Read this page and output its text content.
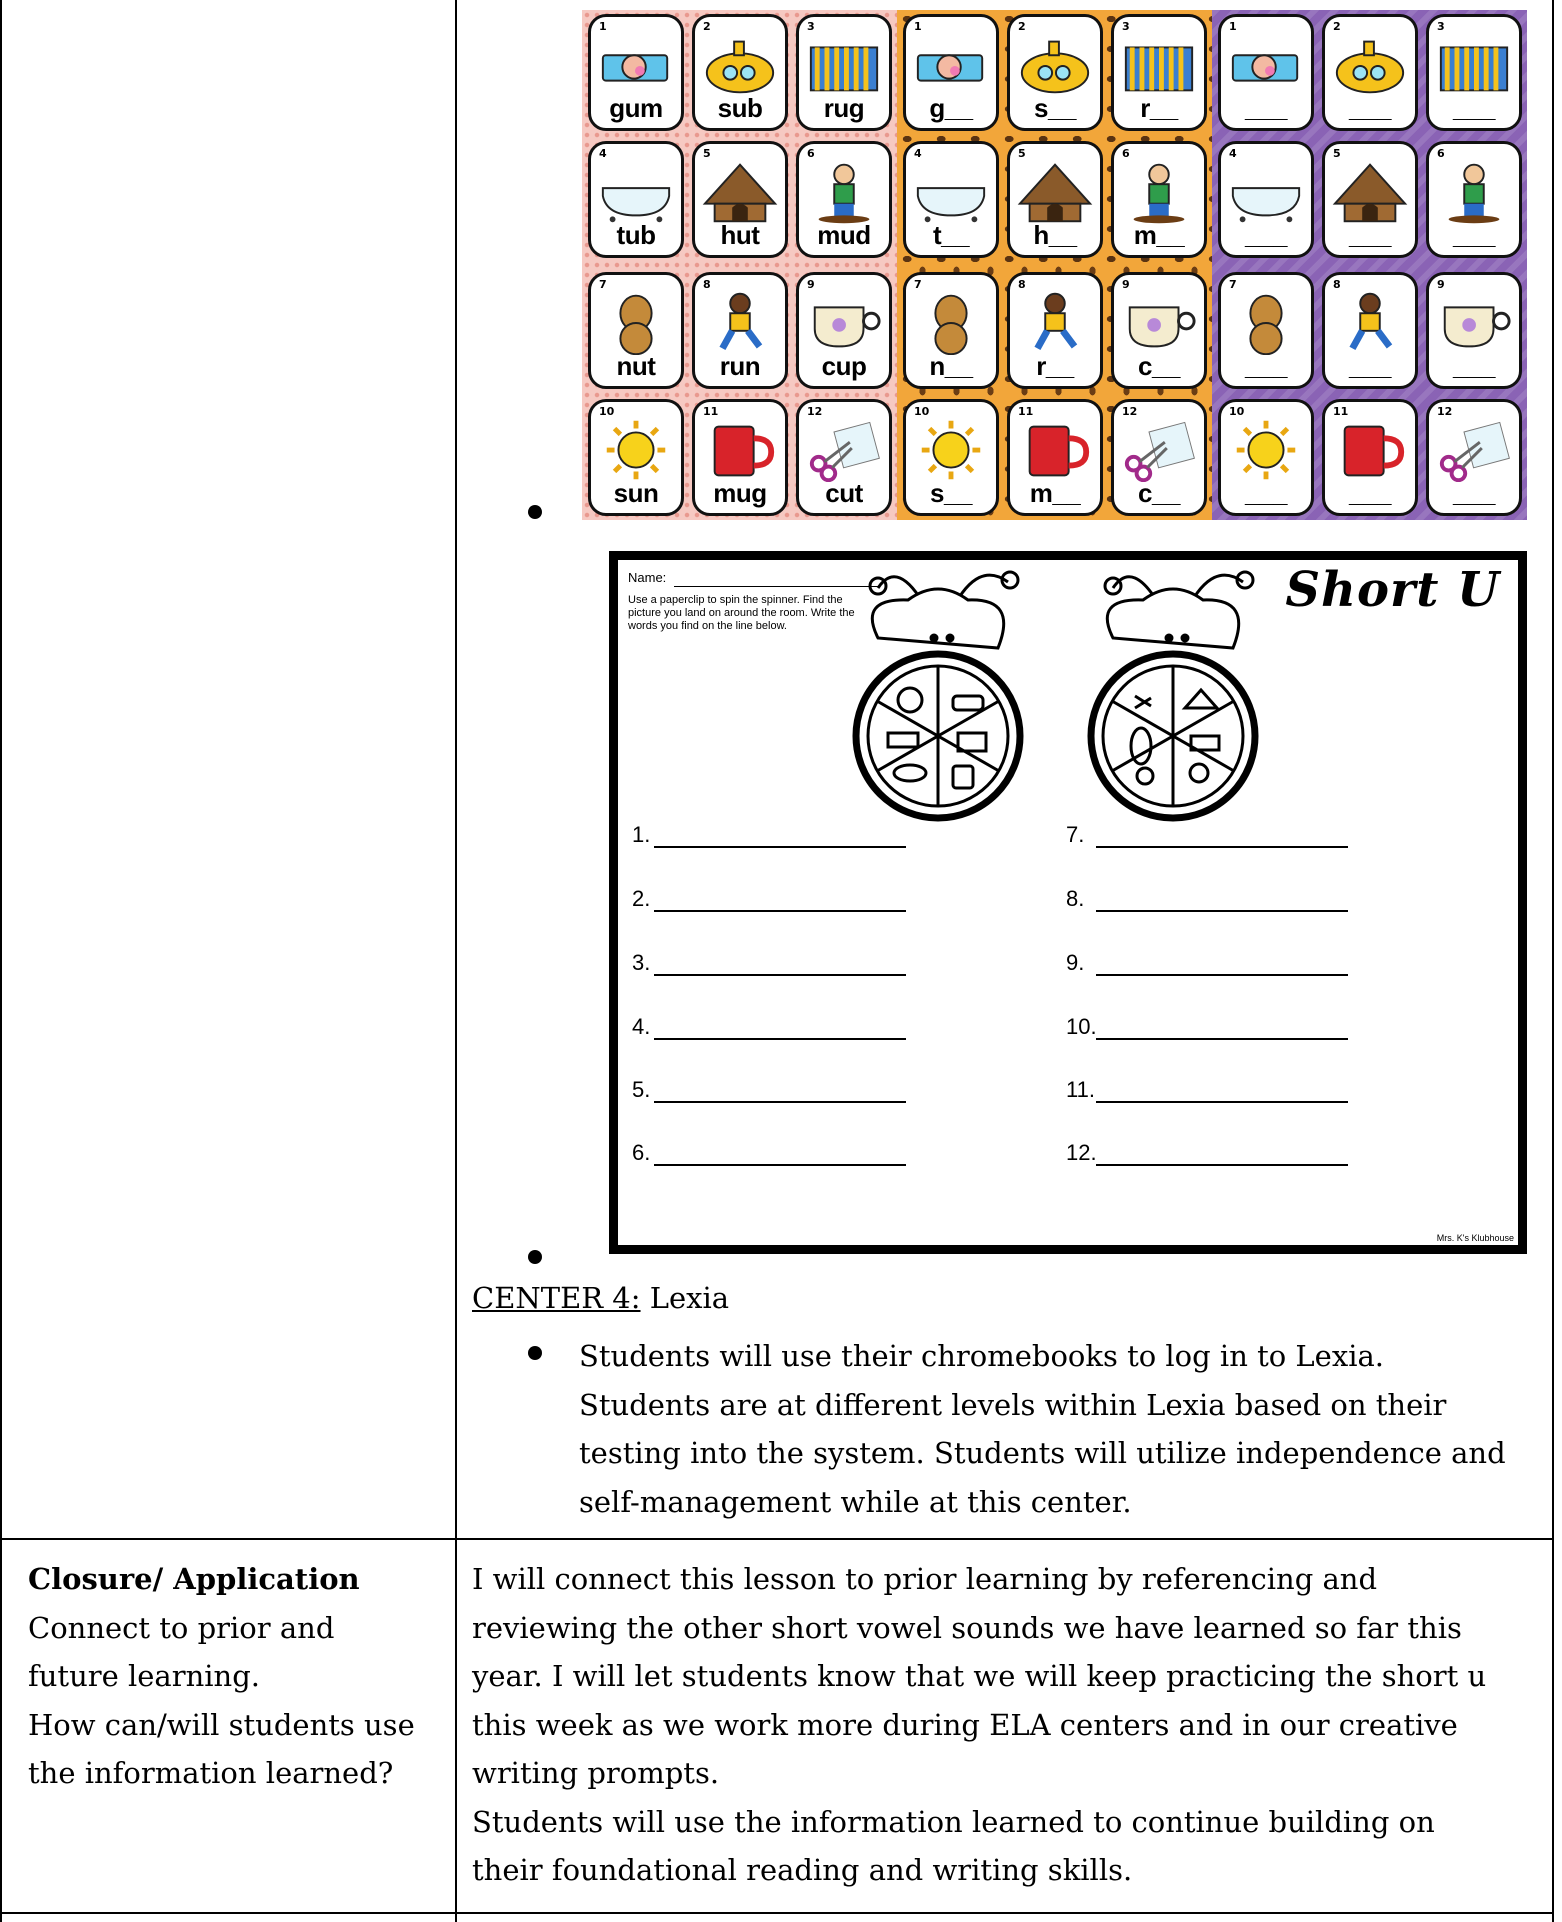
1
gum
2
sub
3
rug
4
tub
5
hut
6
mud
7
nut
8
run
9
cup
10
sun
11
mug
12
cut
1
g__
2
s__
3
r__
4
t__
5
h__
6
m__
7
n__
8
r__
9
c__
10
s__
11
m__
12
c__
1
___
2
___
3
___
4
___
5
___
6
___
7
___
8
___
9
___
10
___
11
___
12
___
Name:
Use a paperclip to spin the spinner. Find the picture you land on around the room. Write the words you find on the line below.
Short U
1.
2.
3.
4.
5.
6.
7.
8.
9.
10.
11.
12.
Mrs. K's Klubhouse
CENTER 4: Lexia
Students will use their chromebooks to log in to Lexia.
Students are at different levels within Lexia based on their
testing into the system. Students will utilize independence and
self-management while at this center.
Closure/ Application
Connect to prior and
future learning.
How can/will students use
the information learned?
I will connect this lesson to prior learning by referencing and
reviewing the other short vowel sounds we have learned so far this
year. I will let students know that we will keep practicing the short u
this week as we work more during ELA centers and in our creative
writing prompts.
Students will use the information learned to continue building on
their foundational reading and writing skills.
